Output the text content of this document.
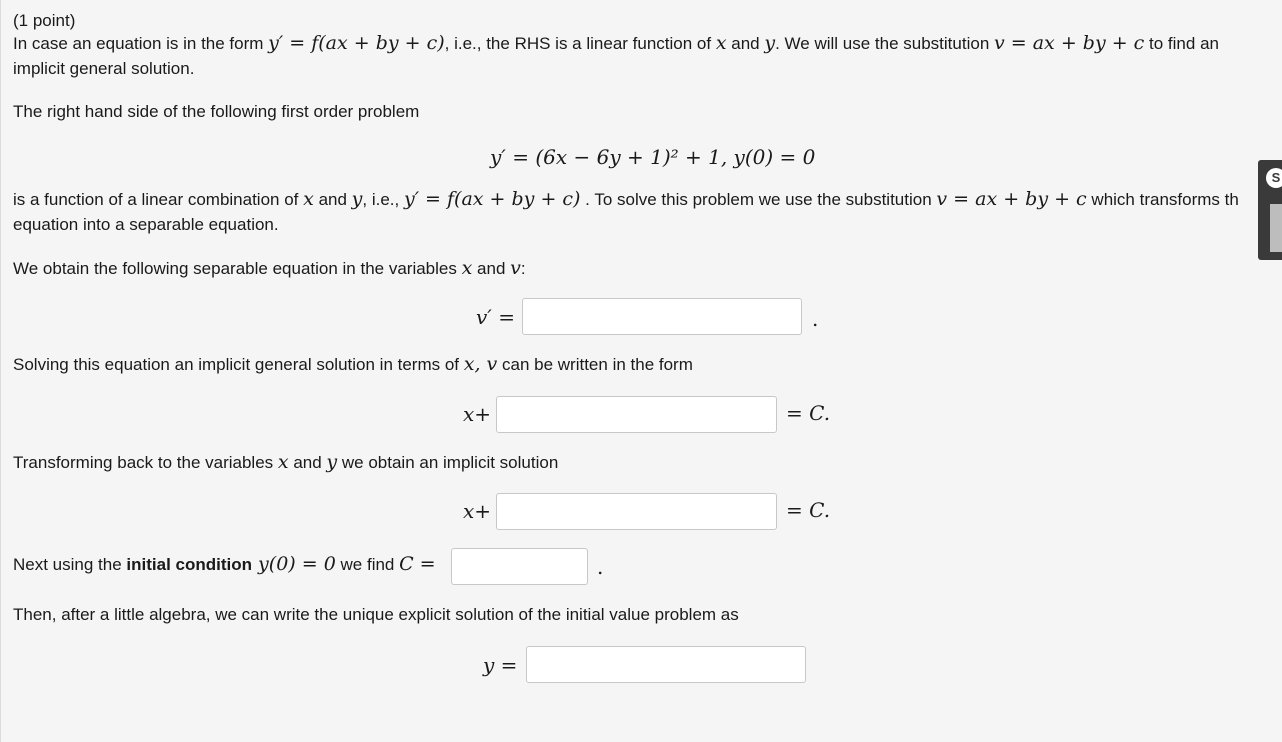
(1 point)
In case an equation is in the form y′ = f(ax + by + c), i.e., the RHS is a linear function of x and y. We will use the substitution v = ax + by + c to find an
implicit general solution.
The right hand side of the following first order problem
y′ = (6x − 6y + 1)² + 1, y(0) = 0
is a function of a linear combination of x and y, i.e., y′ = f(ax + by + c) . To solve this problem we use the substitution v = ax + by + c which transforms th
equation into a separable equation.
We obtain the following separable equation in the variables x and v:
v′ =	.
Solving this equation an implicit general solution in terms of x, v can be written in the form
x+	= C.
Transforming back to the variables x and y we obtain an implicit solution
x+	= C.
Next using the initial condition y(0) = 0 we find C =	.
Then, after a little algebra, we can write the unique explicit solution of the initial value problem as
y =
S
